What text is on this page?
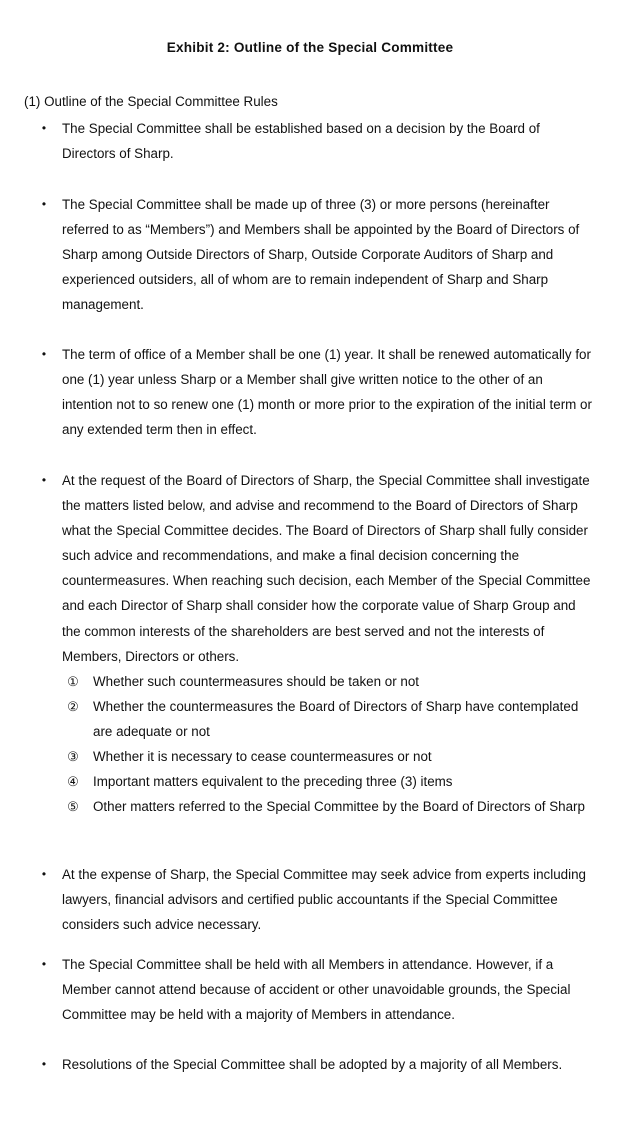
Exhibit 2: Outline of the Special Committee
(1) Outline of the Special Committee Rules
•	The Special Committee shall be established based on a decision by the Board of Directors of Sharp.
•	The Special Committee shall be made up of three (3) or more persons (hereinafter referred to as “Members”) and Members shall be appointed by the Board of Directors of Sharp among Outside Directors of Sharp, Outside Corporate Auditors of Sharp and experienced outsiders, all of whom are to remain independent of Sharp and Sharp management.
•	The term of office of a Member shall be one (1) year. It shall be renewed automatically for one (1) year unless Sharp or a Member shall give written notice to the other of an intention not to so renew one (1) month or more prior to the expiration of the initial term or any extended term then in effect.
•	At the request of the Board of Directors of Sharp, the Special Committee shall investigate the matters listed below, and advise and recommend to the Board of Directors of Sharp what the Special Committee decides. The Board of Directors of Sharp shall fully consider such advice and recommendations, and make a final decision concerning the countermeasures. When reaching such decision, each Member of the Special Committee and each Director of Sharp shall consider how the corporate value of Sharp Group and the common interests of the shareholders are best served and not the interests of Members, Directors or others.
① Whether such countermeasures should be taken or not
② Whether the countermeasures the Board of Directors of Sharp have contemplated are adequate or not
③ Whether it is necessary to cease countermeasures or not
④ Important matters equivalent to the preceding three (3) items
⑤ Other matters referred to the Special Committee by the Board of Directors of Sharp
•	At the expense of Sharp, the Special Committee may seek advice from experts including lawyers, financial advisors and certified public accountants if the Special Committee considers such advice necessary.
•	The Special Committee shall be held with all Members in attendance. However, if a Member cannot attend because of accident or other unavoidable grounds, the Special Committee may be held with a majority of Members in attendance.
•	Resolutions of the Special Committee shall be adopted by a majority of all Members.
